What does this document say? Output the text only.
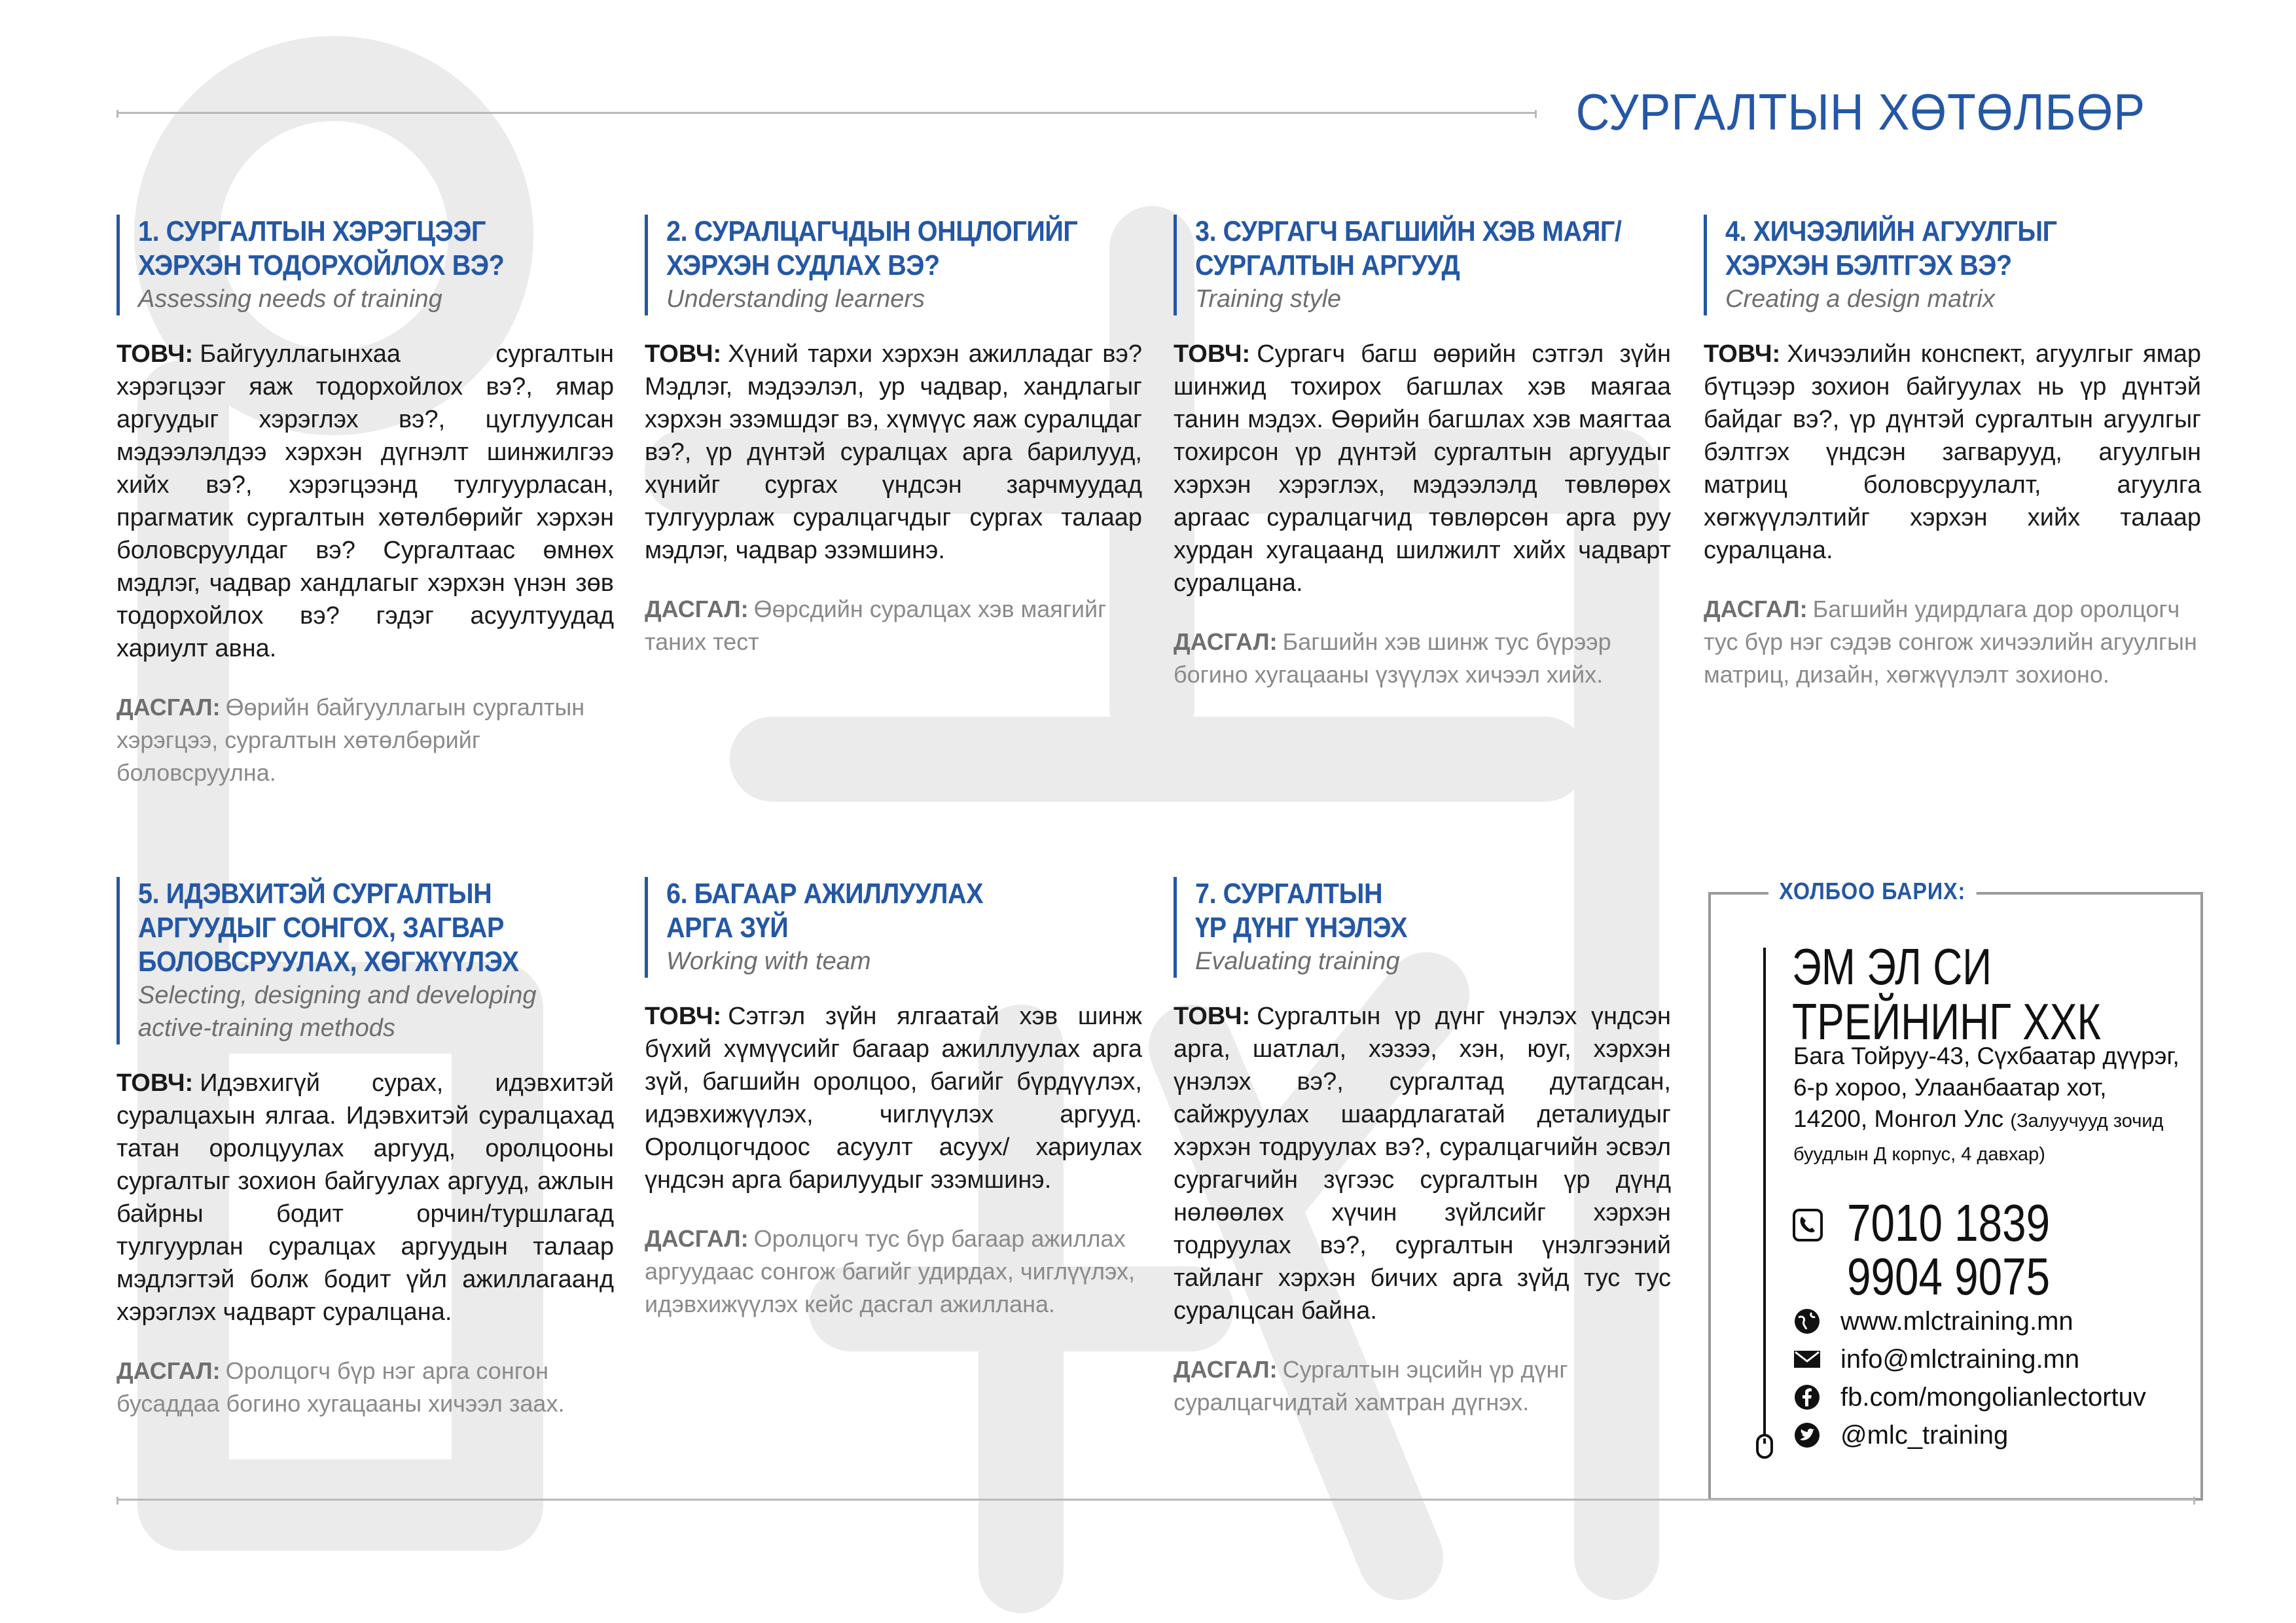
СУРГАЛТЫН ХӨТӨЛБӨР
1. СУРГАЛТЫН ХЭРЭГЦЭЭГ
ХЭРХЭН ТОДОРХОЙЛОХ ВЭ?
Assessing needs of training

ТОВЧ: Байгууллагынхаа сургалтын хэрэгцээг яаж тодорхойлох вэ?, ямар аргуудыг хэрэглэх вэ?, цуглуулсан мэдээлэлдээ хэрхэн дүгнэлт шинжилгээ хийх вэ?, хэрэгцээнд тулгуурласан, прагматик сургалтын хөтөлбөрийг хэрхэн боловсруулдаг вэ? Сургалтаас өмнөх мэдлэг, чадвар хандлагыг хэрхэн үнэн зөв тодорхойлох вэ? гэдэг асуултуудад хариулт авна.

ДАСГАЛ: Өөрийн байгууллагын сургалтын хэрэгцээ, сургалтын хөтөлбөрийг боловсруулна.

2. СУРАЛЦАГЧДЫН ОНЦЛОГИЙГ
ХЭРХЭН СУДЛАХ ВЭ?
Understanding learners

ТОВЧ: Хүний тархи хэрхэн ажилладаг вэ? Мэдлэг, мэдээлэл, ур чадвар, хандлагыг хэрхэн эзэмшдэг вэ, хүмүүс яаж суралцдаг вэ?, үр дүнтэй суралцах арга барилууд, хүнийг сургах үндсэн зарчмуудад тулгуурлаж суралцагчдыг сургах талаар мэдлэг, чадвар эзэмшинэ.

ДАСГАЛ: Өөрсдийн суралцах хэв маягийг таних тест

3. СУРГАГЧ БАГШИЙН ХЭВ МАЯГ/
СУРГАЛТЫН АРГУУД
Training style

ТОВЧ: Сургагч багш өөрийн сэтгэл зүйн шинжид тохирох багшлах хэв маягаа танин мэдэх. Өөрийн багшлах хэв маягтаа тохирсон үр дүнтэй сургалтын аргуудыг хэрхэн хэрэглэх, мэдээлэлд төвлөрөх аргаас суралцагчид төвлөрсөн арга руу хурдан хугацаанд шилжилт хийх чадварт суралцана.

ДАСГАЛ: Багшийн хэв шинж тус бүрээр богино хугацааны үзүүлэх хичээл хийх.

4. ХИЧЭЭЛИЙН АГУУЛГЫГ
ХЭРХЭН БЭЛТГЭХ ВЭ?
Creating a design matrix

ТОВЧ: Хичээлийн конспект, агуулгыг ямар бүтцээр зохион байгуулах нь үр дүнтэй байдаг вэ?, үр дүнтэй сургалтын агуулгыг бэлтгэх үндсэн загварууд, агуулгын матриц боловсруулалт, агуулга хөгжүүлэлтийг хэрхэн хийх талаар суралцана.

ДАСГАЛ: Багшийн удирдлага дор оролцогч тус бүр нэг сэдэв сонгож хичээлийн агуулгын матриц, дизайн, хөгжүүлэлт зохионо.

5. ИДЭВХИТЭЙ СУРГАЛТЫН
АРГУУДЫГ СОНГОХ, ЗАГВАР
БОЛОВСРУУЛАХ, ХӨГЖҮҮЛЭХ
Selecting, designing and developing
active-training methods

ТОВЧ: Идэвхигүй сурах, идэвхитэй суралцахын ялгаа. Идэвхитэй суралцахад татан оролцуулах аргууд, оролцооны сургалтыг зохион байгуулах аргууд, ажлын байрны бодит орчин/туршлагад тулгуурлан суралцах аргуудын талаар мэдлэгтэй болж бодит үйл ажиллагаанд хэрэглэх чадварт суралцана.

ДАСГАЛ: Оролцогч бүр нэг арга сонгон бусаддаа богино хугацааны хичээл заах.

6. БАГААР АЖИЛЛУУЛАХ
АРГА ЗҮЙ
Working with team

ТОВЧ: Сэтгэл зүйн ялгаатай хэв шинж бүхий хүмүүсийг багаар ажиллуулах арга зүй, багшийн оролцоо, багийг бүрдүүлэх, идэвхижүүлэх, чиглүүлэх аргууд. Оролцогчдоос асуулт асуух/ хариулах үндсэн арга барилуудыг эзэмшинэ.

ДАСГАЛ: Оролцогч тус бүр багаар ажиллах аргуудаас сонгож багийг удирдах, чиглүүлэх, идэвхижүүлэх кейс дасгал ажиллана.

7. СУРГАЛТЫН
ҮР ДҮНГ ҮНЭЛЭХ
Evaluating training

ТОВЧ: Сургалтын үр дүнг үнэлэх үндсэн арга, шатлал, хэзээ, хэн, юуг, хэрхэн үнэлэх вэ?, сургалтад дутагдсан, сайжруулах шаардлагатай деталиудыг хэрхэн тодруулах вэ?, суралцагчийн эсвэл сургагчийн зүгээс сургалтын үр дүнд нөлөөлөх хүчин зүйлсийг хэрхэн тодруулах вэ?, сургалтын үнэлгээний тайланг хэрхэн бичих арга зүйд тус тус суралцсан байна.

ДАСГАЛ: Сургалтын эцсийн үр дүнг суралцагчидтай хамтран дүгнэх.

ХОЛБОО БАРИХ:
ЭМ ЭЛ СИ
ТРЕЙНИНГ ХХК
Бага Тойруу-43, Сүхбаатар дүүрэг, 6-р хороо, Улаанбаатар хот, 14200, Монгол Улс (Залуучууд зочид буудлын Д корпус, 4 давхар)
7010 1839
9904 9075
www.mlctraining.mn
info@mlctraining.mn
fb.com/mongolianlectortuv
@mlc_training
